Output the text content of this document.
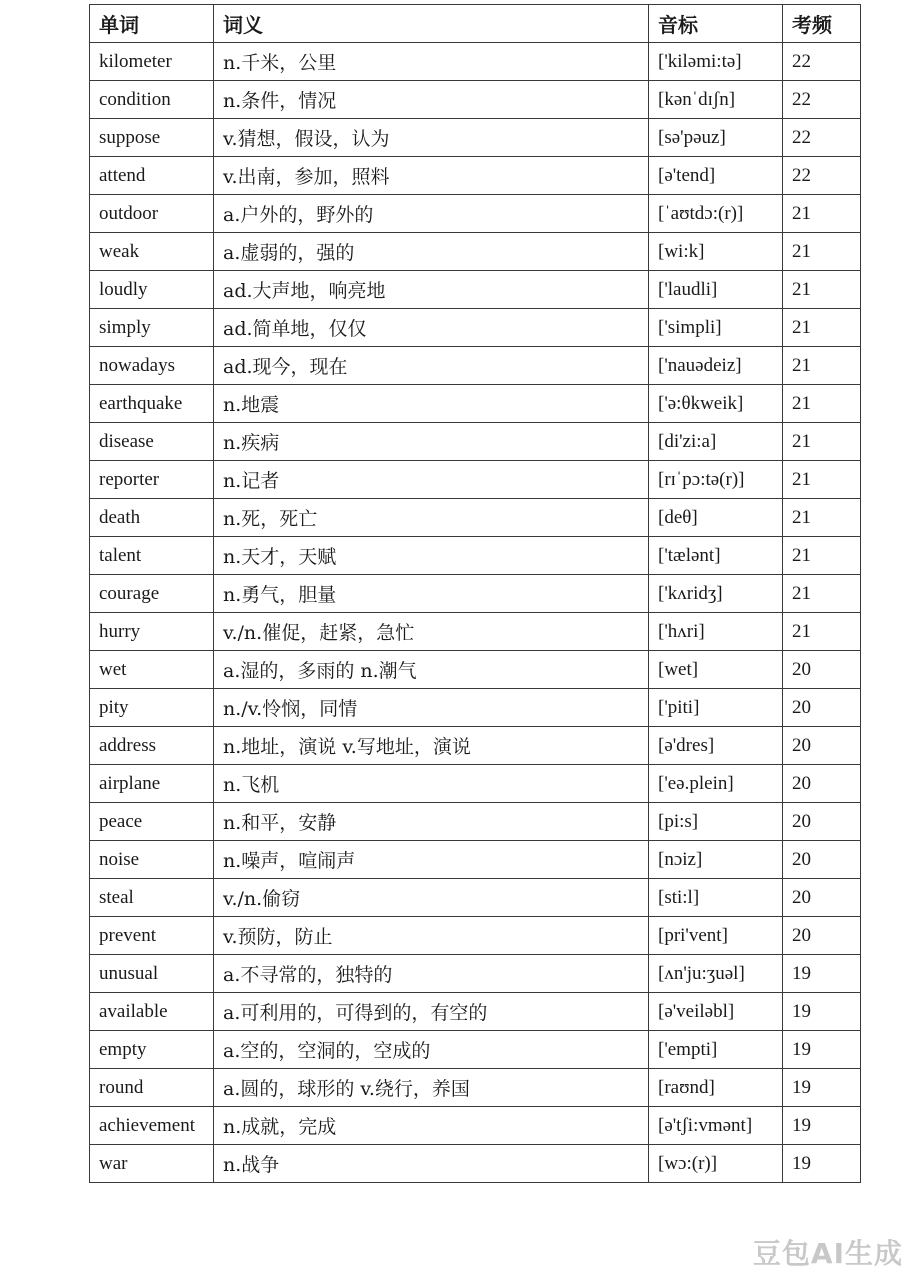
单词	词义	音标	考频
kilometer	n.千米，公里	['kiləmi:tə]	22
condition	n.条件，情况	[kənˈdɪʃn]	22
suppose	v.猜想，假设，认为	[sə'pəuz]	22
attend	v.出南，参加，照料	[ə'tend]	22
outdoor	a.户外的，野外的	[ˈaʊtdɔ:(r)]	21
weak	a.虚弱的，强的	[wi:k]	21
loudly	ad.大声地，响亮地	['laudli]	21
simply	ad.简单地，仅仅	['simpli]	21
nowadays	ad.现今，现在	['nauədeiz]	21
earthquake	n.地震	['ə:θkweik]	21
disease	n.疾病	[di'zi:a]	21
reporter	n.记者	[rɪˈpɔ:tə(r)]	21
death	n.死，死亡	[deθ]	21
talent	n.天才，天赋	['tælənt]	21
courage	n.勇气，胆量	['kʌridʒ]	21
hurry	v./n.催促，赶紧，急忙	['hʌri]	21
wet	a.湿的，多雨的 n.潮气	[wet]	20
pity	n./v.怜悯，同情	['piti]	20
address	n.地址，演说 v.写地址，演说	[ə'dres]	20
airplane	n.飞机	['eə.plein]	20
peace	n.和平，安静	[pi:s]	20
noise	n.噪声，喧闹声	[nɔiz]	20
steal	v./n.偷窃	[sti:l]	20
prevent	v.预防，防止	[pri'vent]	20
unusual	a.不寻常的，独特的	[ʌn'ju:ʒuəl]	19
available	a.可利用的，可得到的，有空的	[ə'veiləbl]	19
empty	a.空的，空洞的，空成的	['empti]	19
round	a.圆的，球形的 v.绕行，养国	[raʊnd]	19
achievement	n.成就，完成	[ə'tʃi:vmənt]	19
war	n.战争	[wɔ:(r)]	19
豆包AI生成
